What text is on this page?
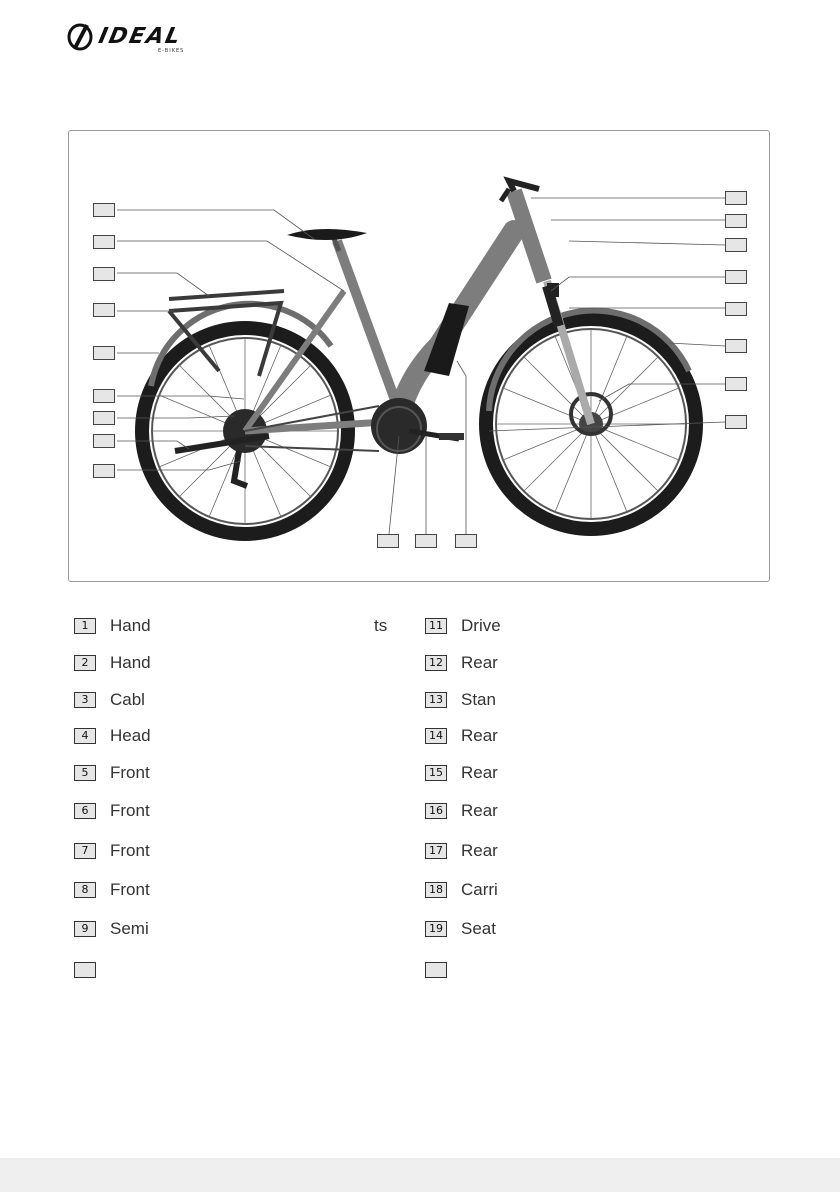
IDEAL
E-BIKES
1	Hand	ts
2	Hand
3	Cabl
4	Head
5	Front
6	Front
7	Front
8	Front
9	Semi
11 Drive
12 Rear
13 Stan
14 Rear
15 Rear
16 Rear
17 Rear
18 Carri
19 Seat
